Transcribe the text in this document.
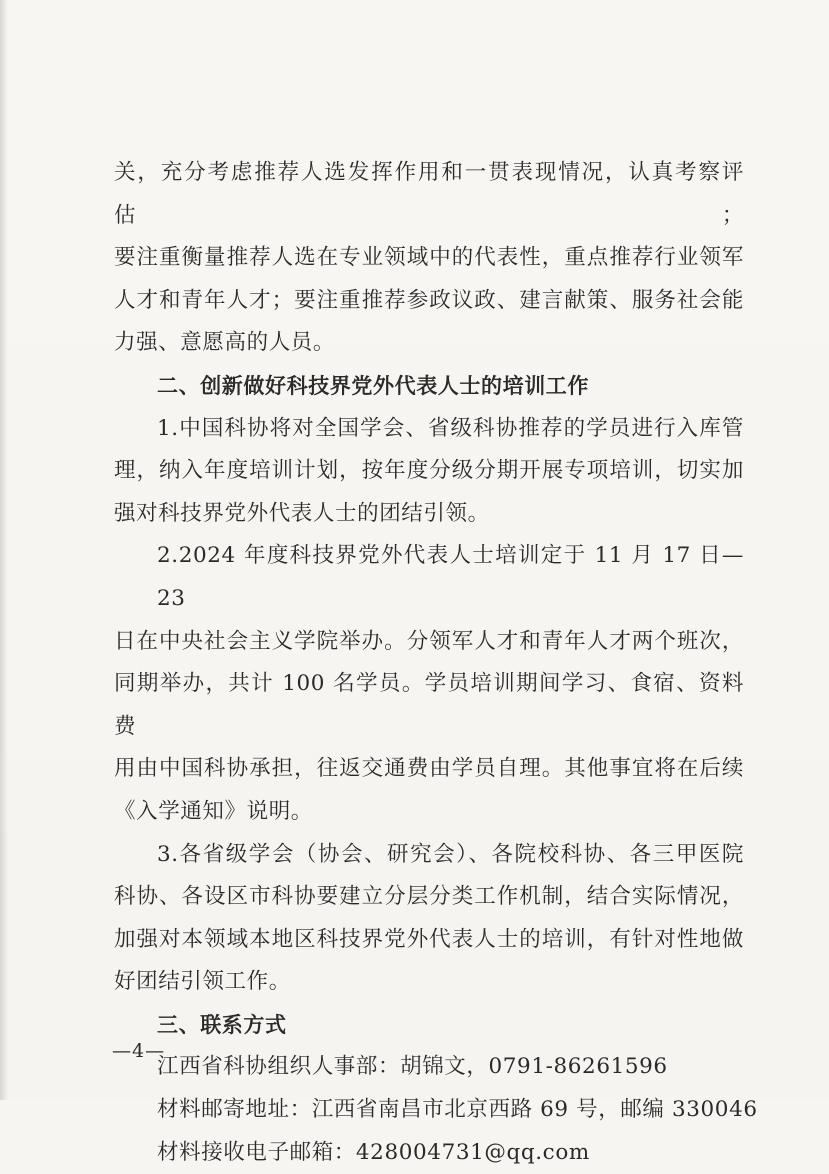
关，充分考虑推荐人选发挥作用和一贯表现情况，认真考察评估；
要注重衡量推荐人选在专业领域中的代表性，重点推荐行业领军
人才和青年人才；要注重推荐参政议政、建言献策、服务社会能
力强、意愿高的人员。
二、创新做好科技界党外代表人士的培训工作
1.中国科协将对全国学会、省级科协推荐的学员进行入库管
理，纳入年度培训计划，按年度分级分期开展专项培训，切实加
强对科技界党外代表人士的团结引领。
2.2024 年度科技界党外代表人士培训定于 11 月 17 日—23
日在中央社会主义学院举办。分领军人才和青年人才两个班次，
同期举办，共计 100 名学员。学员培训期间学习、食宿、资料费
用由中国科协承担，往返交通费由学员自理。其他事宜将在后续
《入学通知》说明。
3.各省级学会（协会、研究会）、各院校科协、各三甲医院
科协、各设区市科协要建立分层分类工作机制，结合实际情况，
加强对本领域本地区科技界党外代表人士的培训，有针对性地做
好团结引领工作。
三、联系方式
江西省科协组织人事部：胡锦文，0791-86261596
材料邮寄地址：江西省南昌市北京西路 69 号，邮编 330046
材料接收电子邮箱：428004731@qq.com
—4—
